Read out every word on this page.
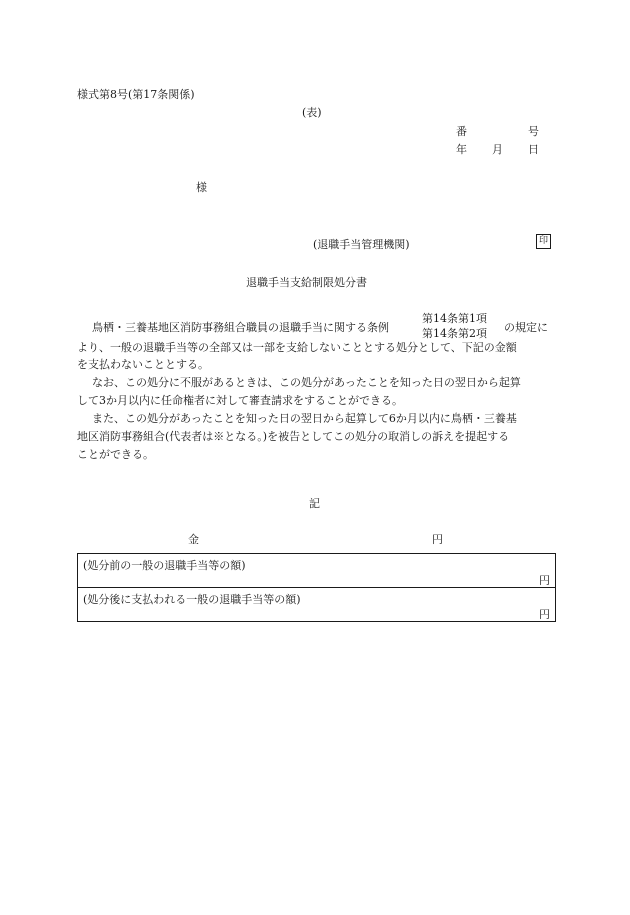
様式第8号(第17条関係)
(表)
番	号
年 月 日
様
(退職手当管理機関)	印
退職手当支給制限処分書
鳥栖・三養基地区消防事務組合職員の退職手当に関する条例
第14条第1項
第14条第2項 の規定に
より、一般の退職手当等の全部又は一部を支給しないこととする処分として、下記の金額
を支払わないこととする。
なお、この処分に不服があるときは、この処分があったことを知った日の翌日から起算
して3か月以内に任命権者に対して審査請求をすることができる。
また、この処分があったことを知った日の翌日から起算して6か月以内に鳥栖・三養基
地区消防事務組合(代表者は※となる。)を被告としてこの処分の取消しの訴えを提起する
ことができる。
記
金	円
(処分前の一般の退職手当等の額)
円
(処分後に支払われる一般の退職手当等の額)
円
